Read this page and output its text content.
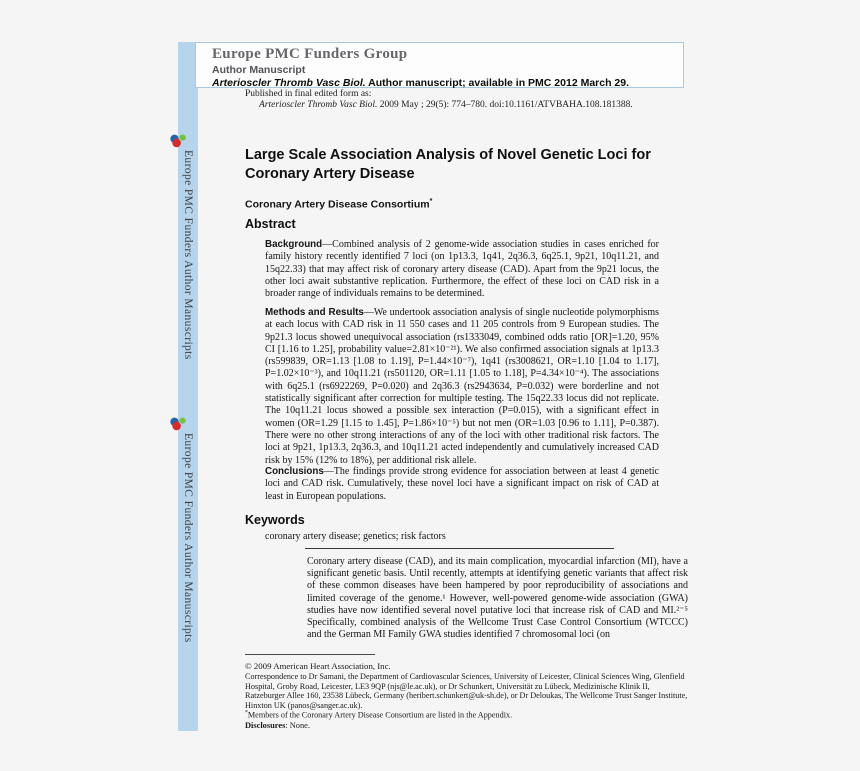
Europe PMC Funders Author Manuscripts
Europe PMC Funders Author Manuscripts
Europe PMC Funders Group
Author Manuscript
Arterioscler Thromb Vasc Biol. Author manuscript; available in PMC 2012 March 29.
Published in final edited form as:
Arterioscler Thromb Vasc Biol. 2009 May ; 29(5): 774–780. doi:10.1161/ATVBAHA.108.181388.
Large Scale Association Analysis of Novel Genetic Loci for Coronary Artery Disease
Coronary Artery Disease Consortium*
Abstract

Background—Combined analysis of 2 genome-wide association studies in cases enriched for family history recently identified 7 loci (on 1p13.3, 1q41, 2q36.3, 6q25.1, 9p21, 10q11.21, and 15q22.33) that may affect risk of coronary artery disease (CAD). Apart from the 9p21 locus, the other loci await substantive replication. Furthermore, the effect of these loci on CAD risk in a broader range of individuals remains to be determined.

Methods and Results—We undertook association analysis of single nucleotide polymorphisms at each locus with CAD risk in 11 550 cases and 11 205 controls from 9 European studies. The 9p21.3 locus showed unequivocal association (rs1333049, combined odds ratio [OR]=1.20, 95% CI [1.16 to 1.25], probability value=2.81×10⁻²¹). We also confirmed association signals at 1p13.3 (rs599839, OR=1.13 [1.08 to 1.19], P=1.44×10⁻⁷), 1q41 (rs3008621, OR=1.10 [1.04 to 1.17], P=1.02×10⁻³), and 10q11.21 (rs501120, OR=1.11 [1.05 to 1.18], P=4.34×10⁻⁴). The associations with 6q25.1 (rs6922269, P=0.020) and 2q36.3 (rs2943634, P=0.032) were borderline and not statistically significant after correction for multiple testing. The 15q22.33 locus did not replicate. The 10q11.21 locus showed a possible sex interaction (P=0.015), with a significant effect in women (OR=1.29 [1.15 to 1.45], P=1.86×10⁻⁵) but not men (OR=1.03 [0.96 to 1.11], P=0.387). There were no other strong interactions of any of the loci with other traditional risk factors. The loci at 9p21, 1p13.3, 2q36.3, and 10q11.21 acted independently and cumulatively increased CAD risk by 15% (12% to 18%), per additional risk allele.

Conclusions—The findings provide strong evidence for association between at least 4 genetic loci and CAD risk. Cumulatively, these novel loci have a significant impact on risk of CAD at least in European populations.

Keywords
coronary artery disease; genetics; risk factors

Coronary artery disease (CAD), and its main complication, myocardial infarction (MI), have a significant genetic basis. Until recently, attempts at identifying genetic variants that affect risk of these common diseases have been hampered by poor reproducibility of associations and limited coverage of the genome.¹ However, well-powered genome-wide association (GWA) studies have now identified several novel putative loci that increase risk of CAD and MI.²⁻⁵ Specifically, combined analysis of the Wellcome Trust Case Control Consortium (WTCCC) and the German MI Family GWA studies identified 7 chromosomal loci (on

© 2009 American Heart Association, Inc.
Correspondence to Dr Samani, the Department of Cardiovascular Sciences, University of Leicester, Clinical Sciences Wing, Glenfield Hospital, Groby Road, Leicester, LE3 9QP (njs@le.ac.uk), or Dr Schunkert, Universität zu Lübeck, Medizinische Klinik II, Ratzeburger Allee 160, 23538 Lübeck, Germany (heribert.schunkert@uk-sh.de), or Dr Deloukas, The Wellcome Trust Sanger Institute, Hinxton UK (panos@sanger.ac.uk).
*Members of the Coronary Artery Disease Consortium are listed in the Appendix.
Disclosures: None.
